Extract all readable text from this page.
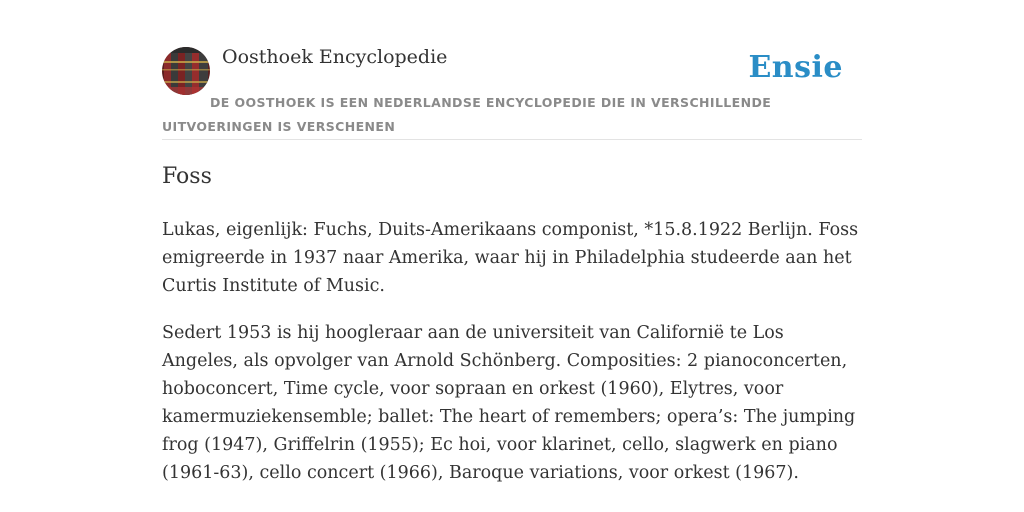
Oosthoek Encyclopedie	Ensie
DE OOSTHOEK IS EEN NEDERLANDSE ENCYCLOPEDIE DIE IN VERSCHILLENDE UITVOERINGEN IS VERSCHENEN
Foss

Lukas, eigenlijk: Fuchs, Duits-Amerikaans componist, *15.8.1922 Berlijn. Foss emigreerde in 1937 naar Amerika, waar hij in Philadelphia studeerde aan het Curtis Institute of Music.

Sedert 1953 is hij hoogleraar aan de universiteit van Californië te Los Angeles, als opvolger van Arnold Schönberg. Composities: 2 pianoconcerten, hoboconcert, Time cycle, voor sopraan en orkest (1960), Elytres, voor kamermuziekensemble; ballet: The heart of remembers; opera’s: The jumping frog (1947), Griffelrin (1955); Ec hoi, voor klarinet, cello, slagwerk en piano (1961-63), cello concert (1966), Baroque variations, voor orkest (1967).
